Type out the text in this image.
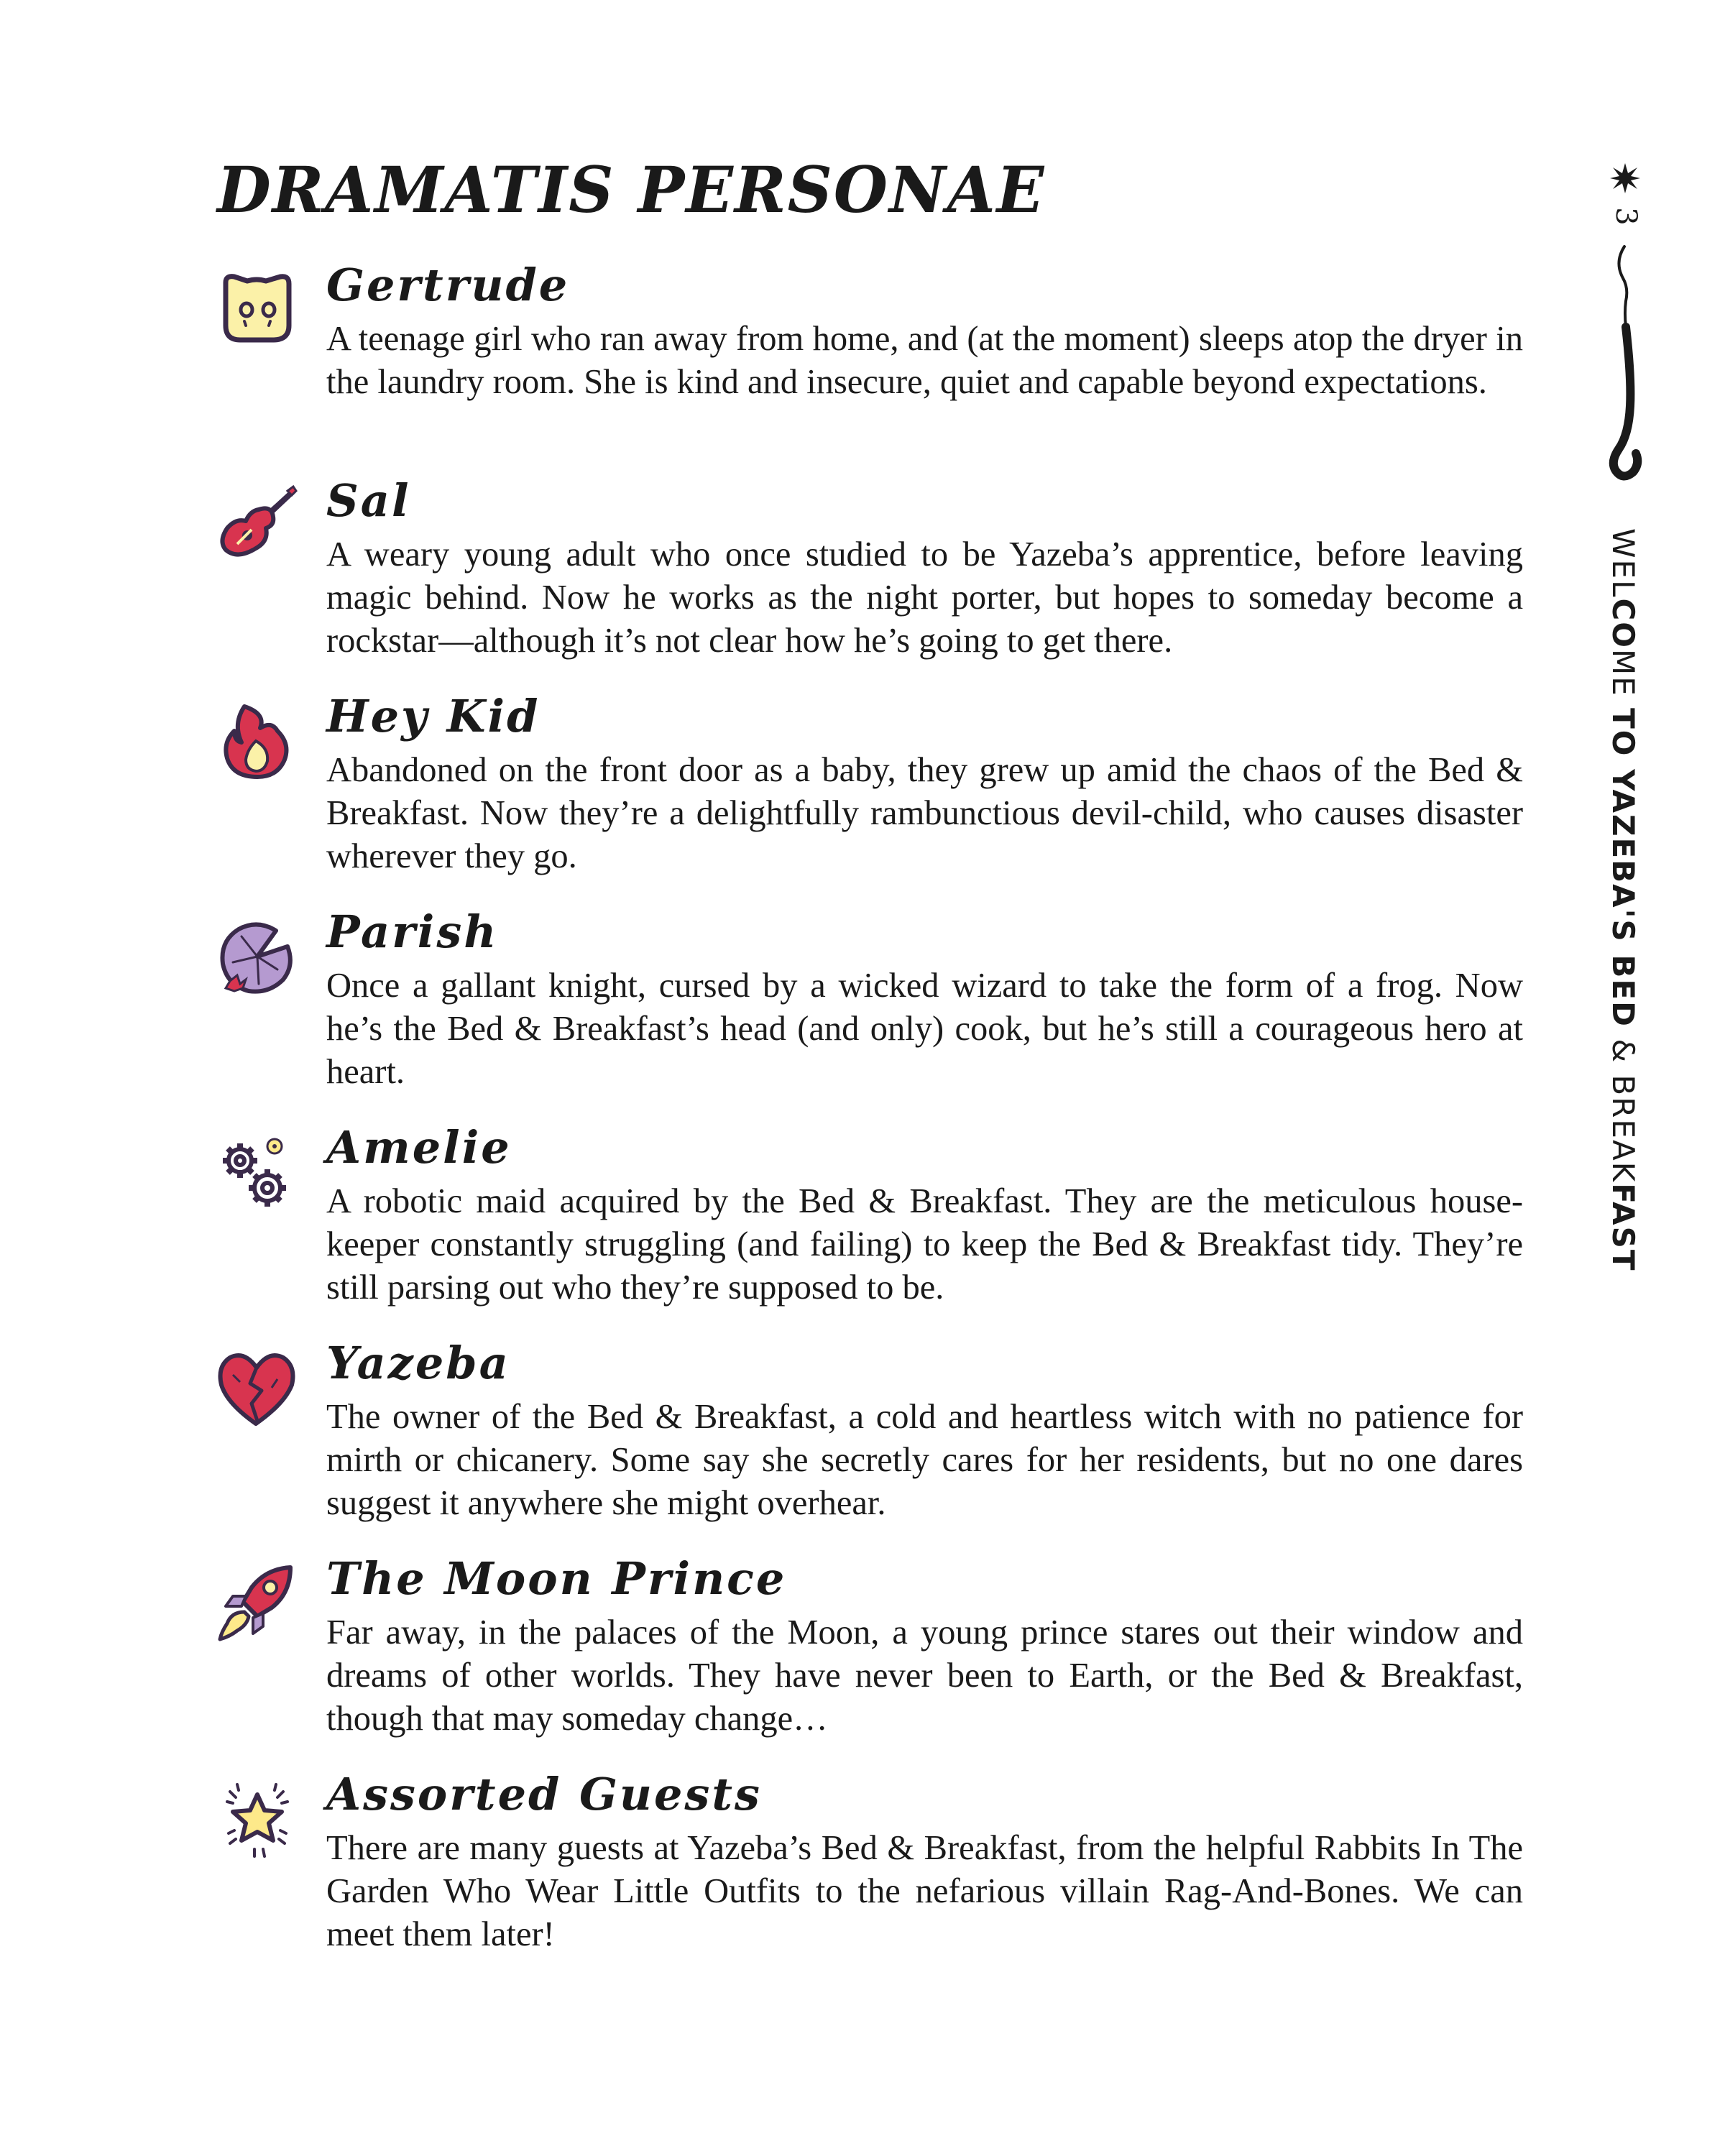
DRAMATIS PERSONAE
Gertrude

A teenage girl who ran away from home, and (at the moment) sleeps atop the dryer in the laundry room. She is kind and insecure, quiet and capable beyond expectations.

Sal

A weary young adult who once studied to be Yazeba’s apprentice, before leaving magic behind. Now he works as the night porter, but hopes to someday become a rockstar—although it’s not clear how he’s going to get there.

Hey Kid

Abandoned on the front door as a baby, they grew up amid the chaos of the Bed & Breakfast. Now they’re a delightfully rambunctious devil-child, who causes disaster wherever they go.

Parish

Once a gallant knight, cursed by a wicked wizard to take the form of a frog. Now he’s the Bed & Breakfast’s head (and only) cook, but he’s still a courageous hero at heart.

Amelie

A robotic maid acquired by the Bed & Breakfast. They are the meticulous house-keeper constantly struggling (and failing) to keep the Bed & Breakfast tidy. They’re still parsing out who they’re supposed to be.

Yazeba

The owner of the Bed & Breakfast, a cold and heartless witch with no patience for mirth or chicanery. Some say she secretly cares for her residents, but no one dares suggest it anywhere she might overhear.

The Moon Prince

Far away, in the palaces of the Moon, a young prince stares out their window and dreams of other worlds. They have never been to Earth, or the Bed & Breakfast, though that may someday change…

Assorted Guests

There are many guests at Yazeba’s Bed & Breakfast, from the helpful Rabbits In The Garden Who Wear Little Outfits to the nefarious villain Rag-And-Bones. We can meet them later!

3
WELCOME TO YAZEBA'S BED & BREAKFAST
